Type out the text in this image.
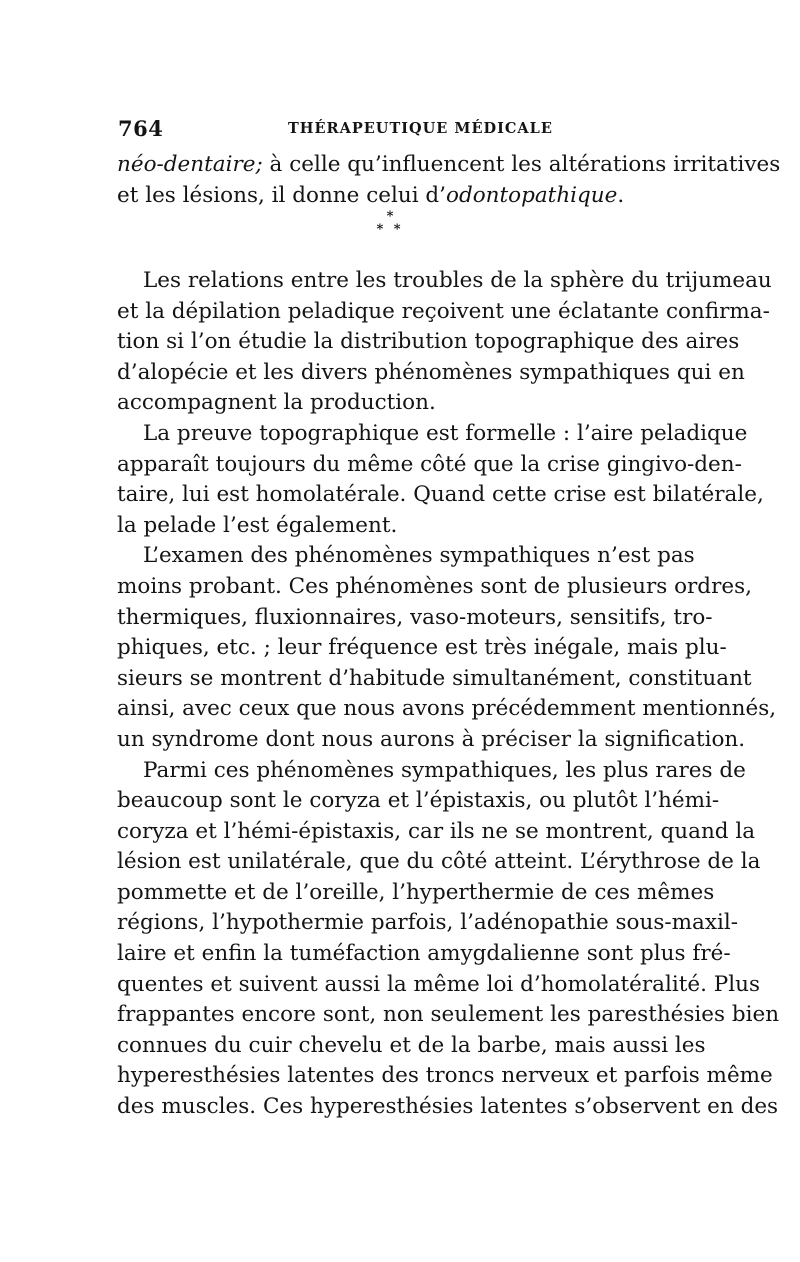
764	THÉRAPEUTIQUE MÉDICALE
néo-dentaire; à celle qu’influencent les altérations irritatives
et les lésions, il donne celui d’odontopathique.
*
* *
Les relations entre les troubles de la sphère du trijumeau
et la dépilation peladique reçoivent une éclatante confirma-
tion si l’on étudie la distribution topographique des aires
d’alopécie et les divers phénomènes sympathiques qui en
accompagnent la production.
La preuve topographique est formelle : l’aire peladique
apparaît toujours du même côté que la crise gingivo-den-
taire, lui est homolatérale. Quand cette crise est bilatérale,
la pelade l’est également.
L’examen des phénomènes sympathiques n’est pas
moins probant. Ces phénomènes sont de plusieurs ordres,
thermiques, fluxionnaires, vaso-moteurs, sensitifs, tro-
phiques, etc. ; leur fréquence est très inégale, mais plu-
sieurs se montrent d’habitude simultanément, constituant
ainsi, avec ceux que nous avons précédemment mentionnés,
un syndrome dont nous aurons à préciser la signification.
Parmi ces phénomènes sympathiques, les plus rares de
beaucoup sont le coryza et l’épistaxis, ou plutôt l’hémi-
coryza et l’hémi-épistaxis, car ils ne se montrent, quand la
lésion est unilatérale, que du côté atteint. L’érythrose de la
pommette et de l’oreille, l’hyperthermie de ces mêmes
régions, l’hypothermie parfois, l’adénopathie sous-maxil-
laire et enfin la tuméfaction amygdalienne sont plus fré-
quentes et suivent aussi la même loi d’homolatéralité. Plus
frappantes encore sont, non seulement les paresthésies bien
connues du cuir chevelu et de la barbe, mais aussi les
hyperesthésies latentes des troncs nerveux et parfois même
des muscles. Ces hyperesthésies latentes s’observent en des
